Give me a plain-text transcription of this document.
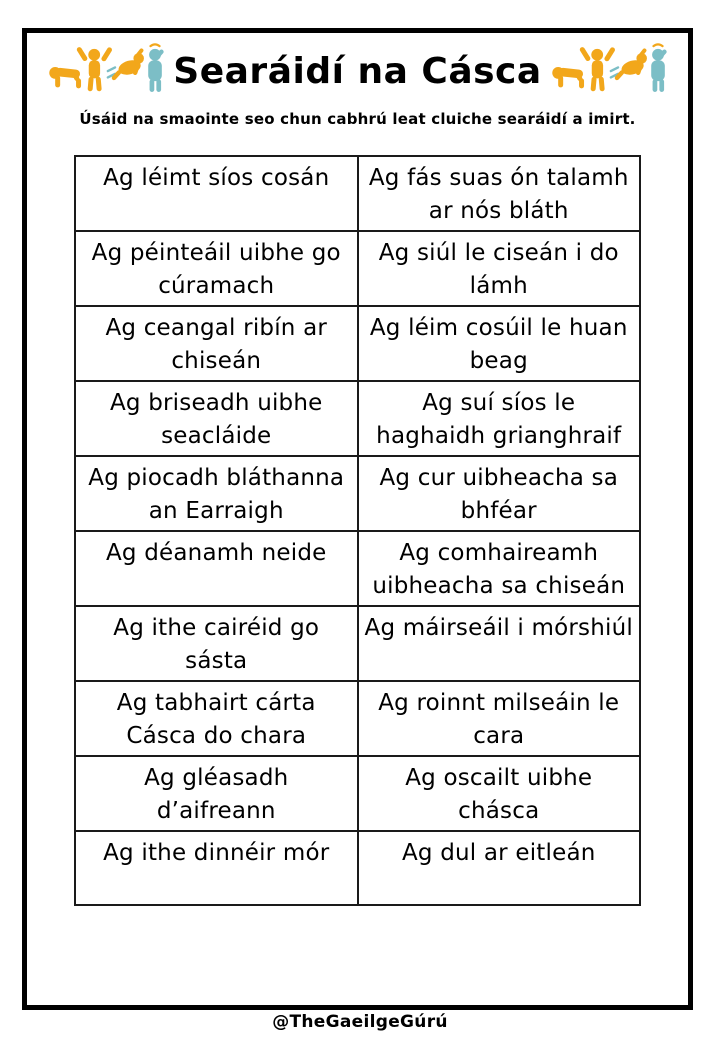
Searáidí na Cásca

Úsáid na smaointe seo chun cabhrú leat cluiche searáidí a imirt.

Ag léimt síos cosán	Ag fás suas ón talamh ar nós bláth
Ag péinteáil uibhe go cúramach	Ag siúl le ciseán i do lámh
Ag ceangal ribín ar chiseán	Ag léim cosúil le huan beag
Ag briseadh uibhe seacláide	Ag suí síos le haghaidh grianghraif
Ag piocadh bláthanna an Earraigh	Ag cur uibheacha sa bhféar
Ag déanamh neide	Ag comhaireamh uibheacha sa chiseán
Ag ithe cairéid go sásta	Ag máirseáil i mórshiúl
Ag tabhairt cárta Cásca do chara	Ag roinnt milseáin le cara
Ag gléasadh d’aifreann	Ag oscailt uibhe chásca
Ag ithe dinnéir mór	Ag dul ar eitleán
@TheGaeilgeGúrú
